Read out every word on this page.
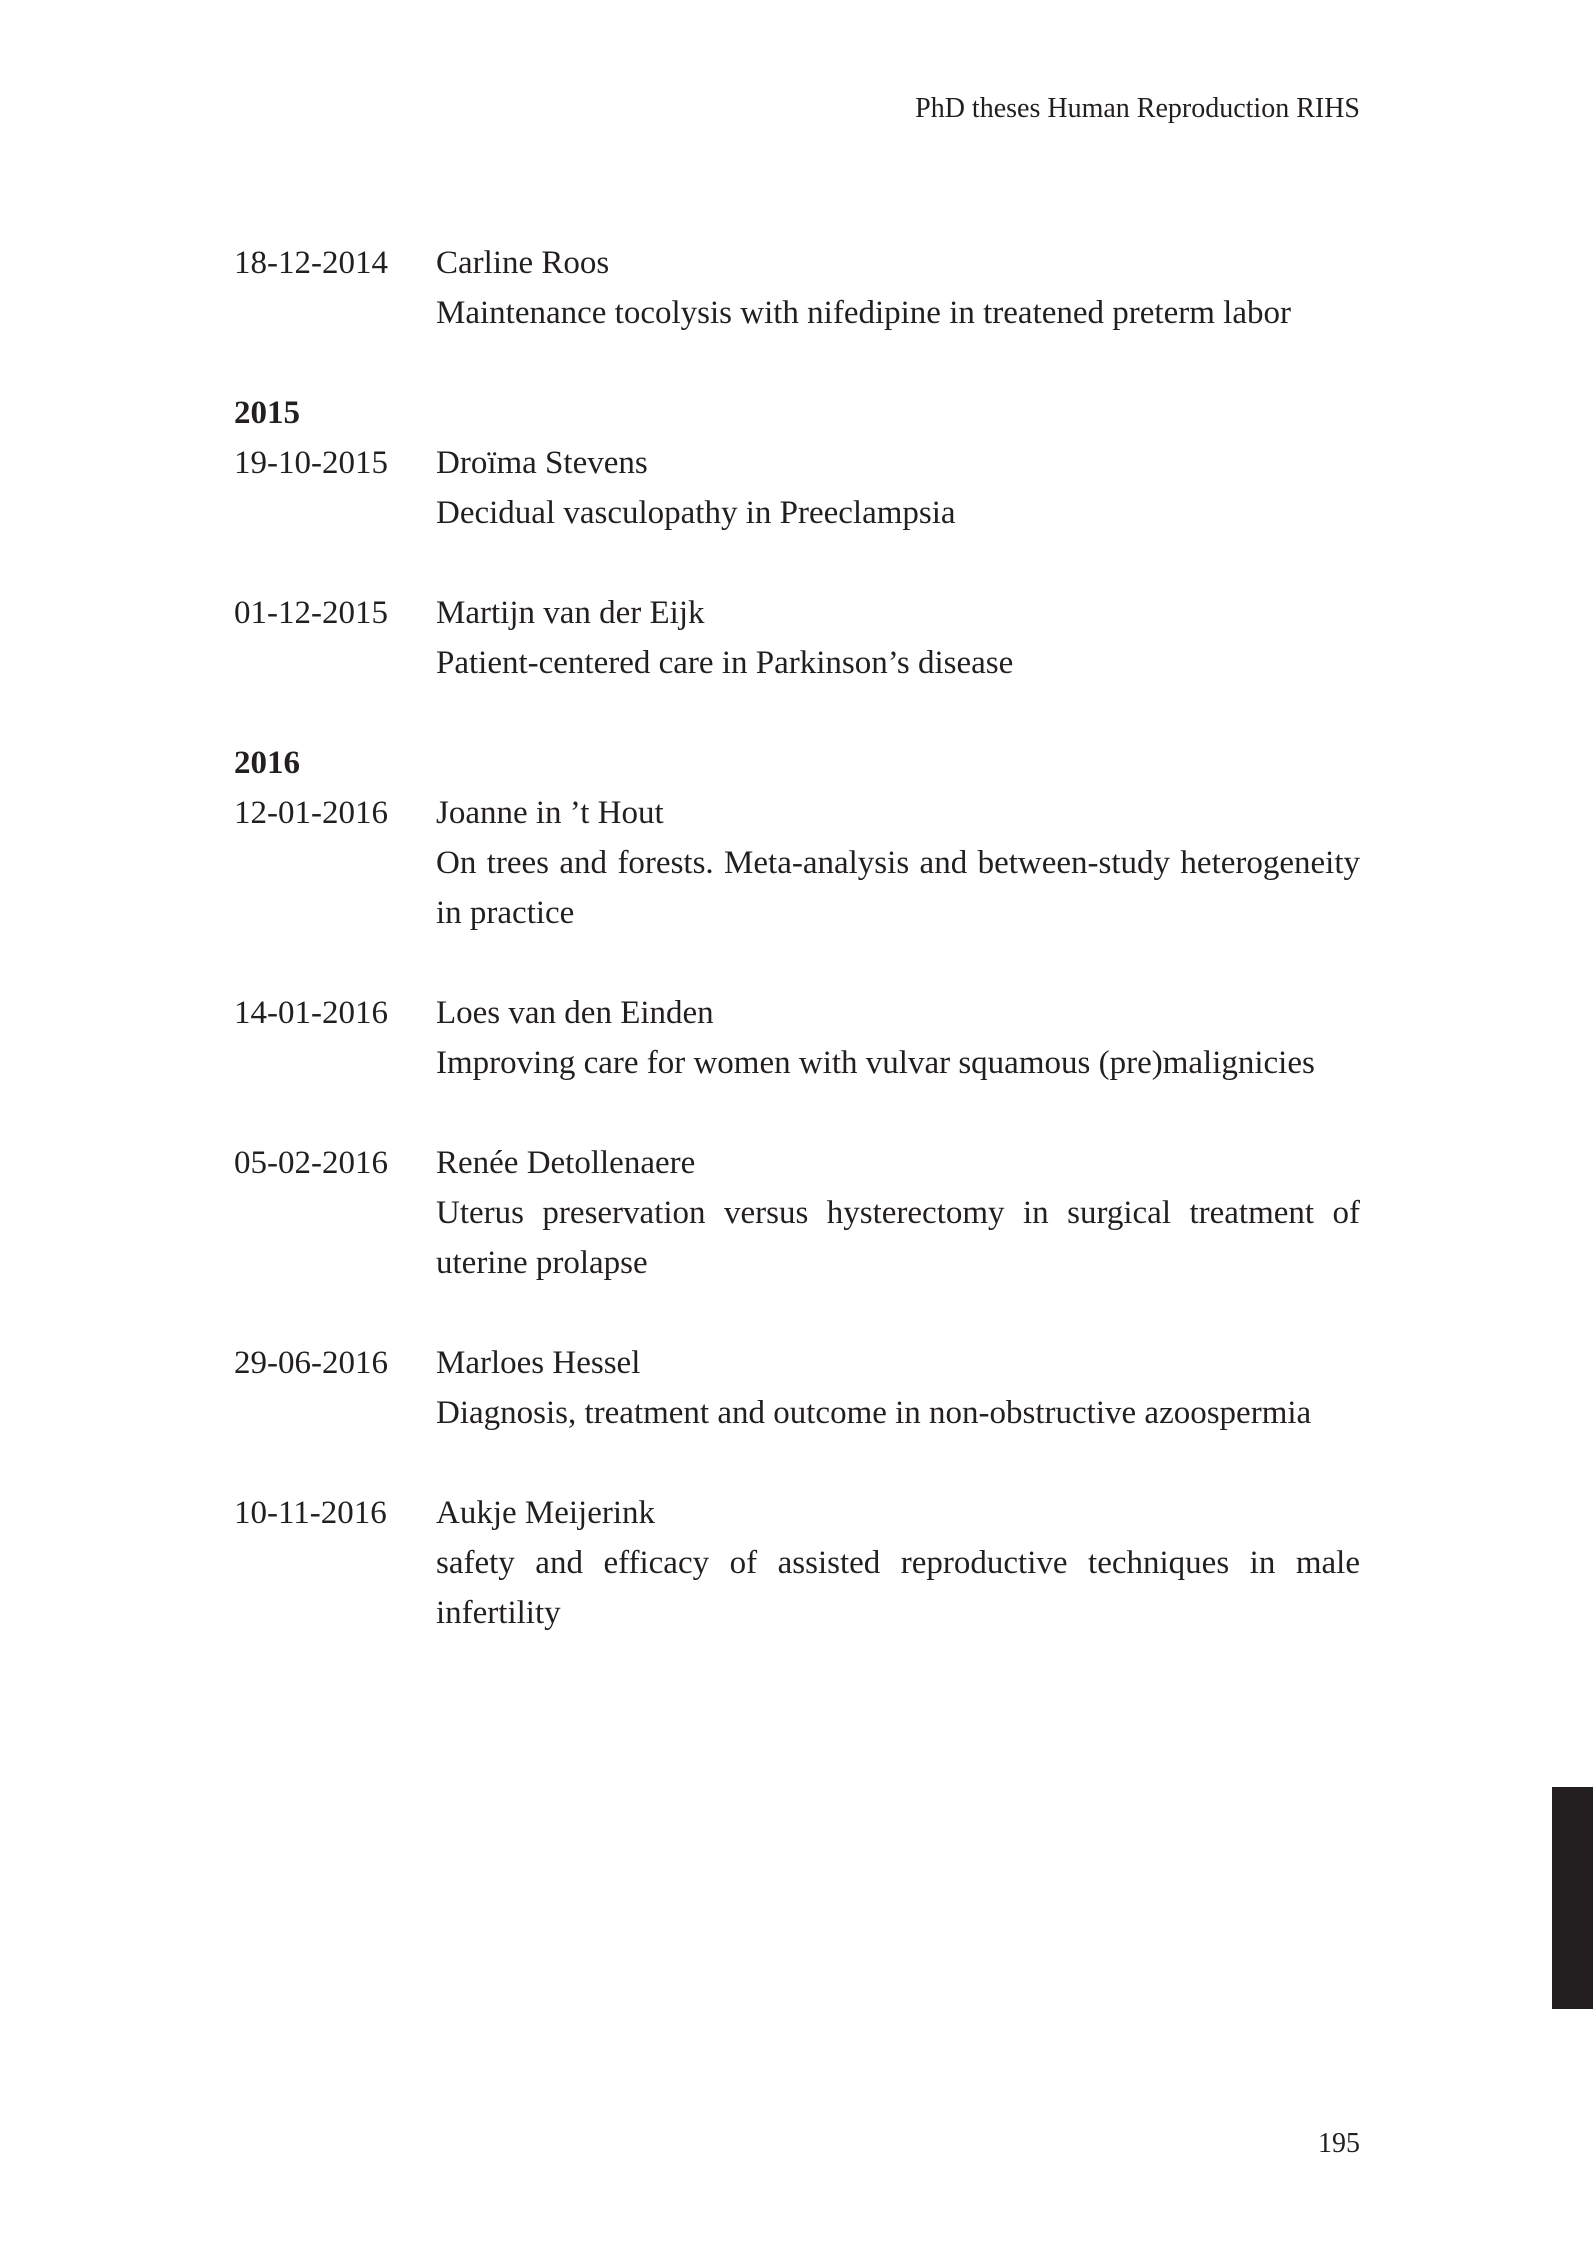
PhD theses Human Reproduction RIHS
18-12-2014	Carline Roos
Maintenance tocolysis with nifedipine in treatened preterm labor
2015
19-10-2015	Droïma Stevens
Decidual vasculopathy in Preeclampsia
01-12-2015	Martijn van der Eijk
Patient-centered care in Parkinson’s disease
2016
12-01-2016	Joanne in ’t Hout
On trees and forests. Meta-analysis and between-study heterogeneity in practice
14-01-2016	Loes van den Einden
Improving care for women with vulvar squamous (pre)malignicies
05-02-2016	Renée Detollenaere
Uterus preservation versus hysterectomy in surgical treatment of uterine prolapse
29-06-2016	Marloes Hessel
Diagnosis, treatment and outcome in non-obstructive azoospermia
10-11-2016	Aukje Meijerink
safety and efficacy of assisted reproductive techniques in male infertility
195
